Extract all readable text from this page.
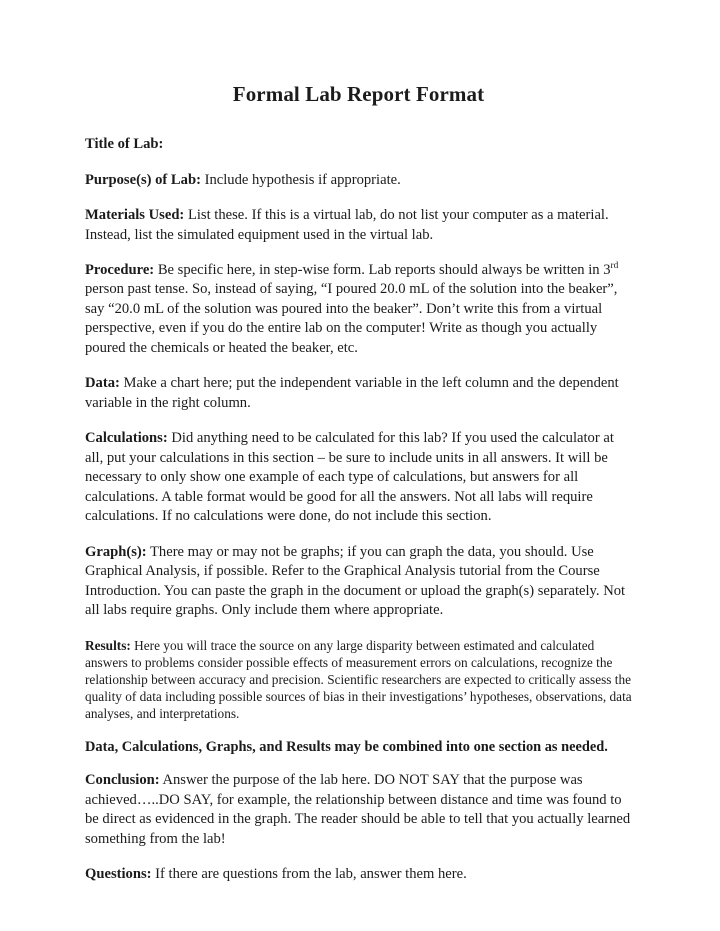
Formal Lab Report Format

Title of Lab:

Purpose(s) of Lab: Include hypothesis if appropriate.

Materials Used: List these. If this is a virtual lab, do not list your computer as a material. Instead, list the simulated equipment used in the virtual lab.

Procedure: Be specific here, in step-wise form. Lab reports should always be written in 3rd person past tense. So, instead of saying, “I poured 20.0 mL of the solution into the beaker”, say “20.0 mL of the solution was poured into the beaker”. Don’t write this from a virtual perspective, even if you do the entire lab on the computer! Write as though you actually poured the chemicals or heated the beaker, etc.

Data: Make a chart here; put the independent variable in the left column and the dependent variable in the right column.

Calculations: Did anything need to be calculated for this lab? If you used the calculator at all, put your calculations in this section – be sure to include units in all answers. It will be necessary to only show one example of each type of calculations, but answers for all calculations. A table format would be good for all the answers. Not all labs will require calculations. If no calculations were done, do not include this section.

Graph(s): There may or may not be graphs; if you can graph the data, you should. Use Graphical Analysis, if possible. Refer to the Graphical Analysis tutorial from the Course Introduction. You can paste the graph in the document or upload the graph(s) separately. Not all labs require graphs. Only include them where appropriate.

Results: Here you will trace the source on any large disparity between estimated and calculated answers to problems consider possible effects of measurement errors on calculations, recognize the relationship between accuracy and precision. Scientific researchers are expected to critically assess the quality of data including possible sources of bias in their investigations’ hypotheses, observations, data analyses, and interpretations.

Data, Calculations, Graphs, and Results may be combined into one section as needed.

Conclusion: Answer the purpose of the lab here. DO NOT SAY that the purpose was achieved…..DO SAY, for example, the relationship between distance and time was found to be direct as evidenced in the graph. The reader should be able to tell that you actually learned something from the lab!

Questions: If there are questions from the lab, answer them here.
